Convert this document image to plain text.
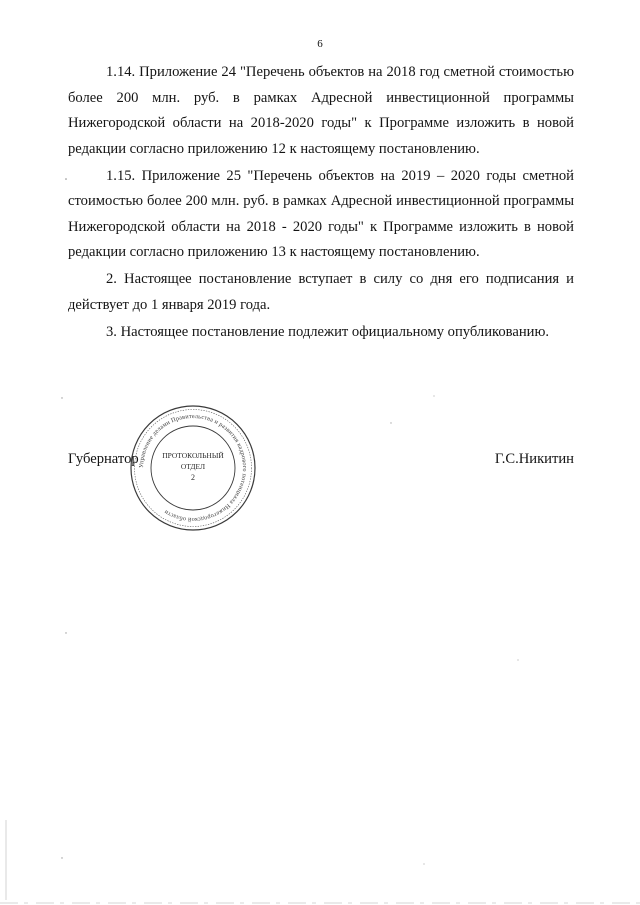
6

1.14. Приложение 24 "Перечень объектов на 2018 год сметной стоимостью более 200 млн. руб. в рамках Адресной инвестиционной программы Нижегородской области на 2018-2020 годы" к Программе изложить в новой редакции согласно приложению 12 к настоящему постановлению.

1.15. Приложение 25 "Перечень объектов на 2019 – 2020 годы сметной стоимостью более 200 млн. руб. в рамках Адресной инвестиционной программы Нижегородской области на 2018 - 2020 годы" к Программе изложить в новой редакции согласно приложению 13 к настоящему постановлению.

2. Настоящее постановление вступает в силу со дня его подписания и действует до 1 января 2019 года.

3. Настоящее постановление подлежит официальному опубликованию.

Губернатор	Г.С.Никитин
Управление делами Правительства и развития кадрового потенциала Нижегородской области
ПРОТОКОЛЬНЫЙ
ОТДЕЛ
2
